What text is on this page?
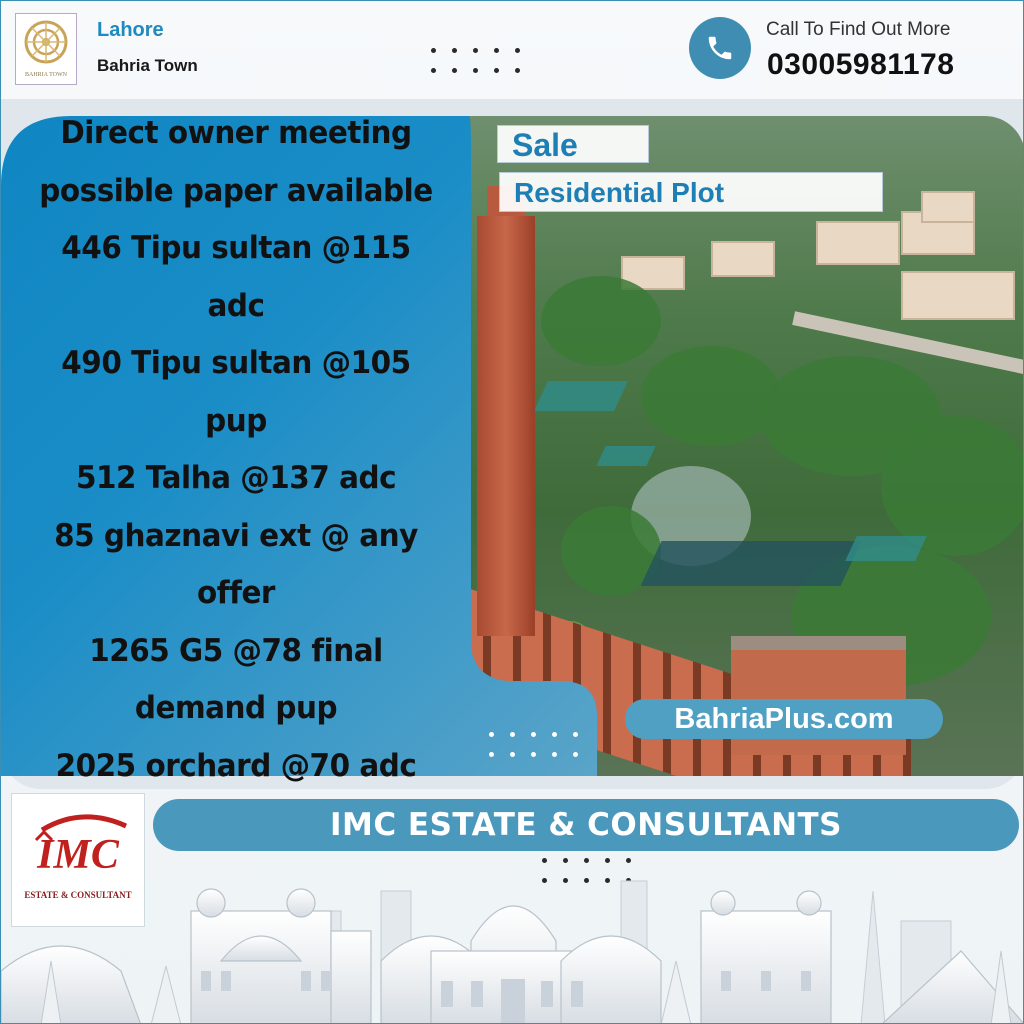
BAHRIA TOWN
Lahore
Bahria Town
Call To Find Out More
03005981178
Direct owner meeting
possible paper available
446 Tipu sultan @115
adc
490 Tipu sultan @105
pup
512 Talha @137 adc
85 ghaznavi ext @ any
offer
1265 G5 @78 final
demand pup
2025 orchard @70 adc
Sale
Residential Plot
BahriaPlus.com
IMC
ESTATE & CONSULTANT
IMC ESTATE & CONSULTANTS
